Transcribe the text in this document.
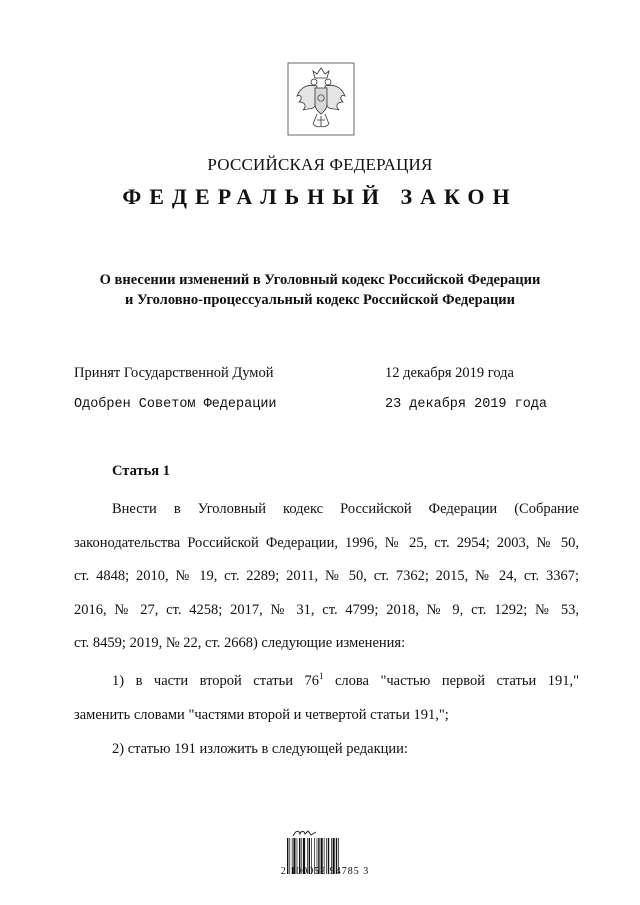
РОССИЙСКАЯ ФЕДЕРАЦИЯ
ФЕДЕРАЛЬНЫЙ ЗАКОН
О внесении изменений в Уголовный кодекс Российской Федерации
и Уголовно-процессуальный кодекс Российской Федерации
Принят Государственной Думой	12 декабря 2019 года
Одобрен Советом Федерации	23 декабря 2019 года
Статья 1
Внести в Уголовный кодекс Российской Федерации (Собрание
законодательства Российской Федерации, 1996, № 25, ст. 2954; 2003, № 50,
ст. 4848; 2010, № 19, ст. 2289; 2011, № 50, ст. 7362; 2015, № 24, ст. 3367;
2016, № 27, ст. 4258; 2017, № 31, ст. 4799; 2018, № 9, ст. 1292; № 53,
ст. 8459; 2019, № 22, ст. 2668) следующие изменения:
1) в части второй статьи $76^1$ слова "частью первой статьи 191,"
заменить словами "частями второй и четвертой статьи 191,";
2) статью 191 изложить в следующей редакции:
2 100052 94785 3
